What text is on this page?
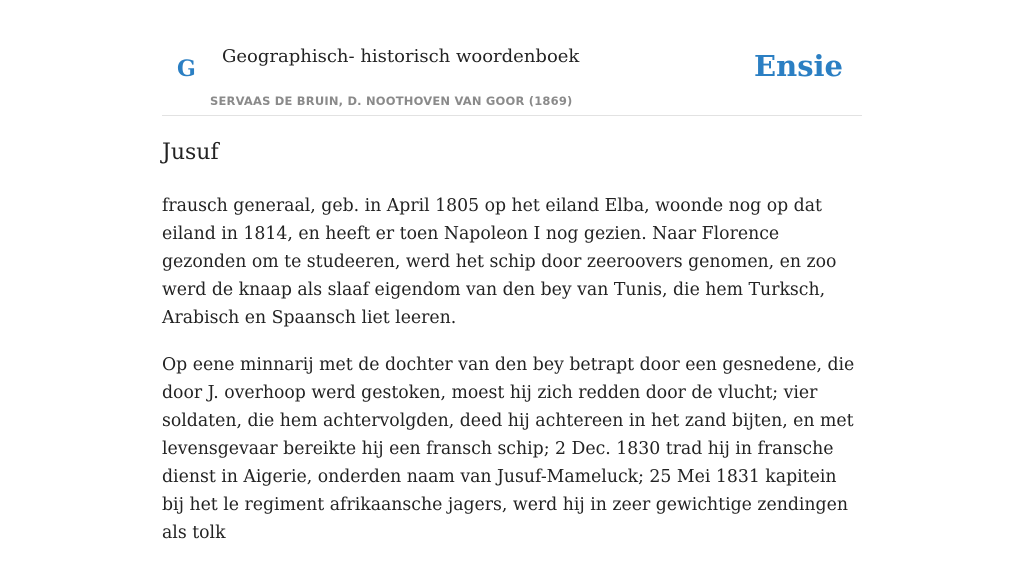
G Geographisch- historisch woordenboek
SERVAAS DE BRUIN, D. NOOTHOVEN VAN GOOR (1869)
Ensie
Jusuf

frausch generaal, geb. in April 1805 op het eiland Elba, woonde nog op dat eiland in 1814, en heeft er toen Napoleon I nog gezien. Naar Florence gezonden om te studeeren, werd het schip door zeeroovers genomen, en zoo werd de knaap als slaaf eigendom van den bey van Tunis, die hem Turksch, Arabisch en Spaansch liet leeren.

Op eene minnarij met de dochter van den bey betrapt door een gesnedene, die door J. overhoop werd gestoken, moest hij zich redden door de vlucht; vier soldaten, die hem achtervolgden, deed hij achtereen in het zand bijten, en met levensgevaar bereikte hij een fransch schip; 2 Dec. 1830 trad hij in fransche dienst in Aigerie, onderden naam van Jusuf-Mameluck; 25 Mei 1831 kapitein bij het le regiment afrikaansche jagers, werd hij in zeer gewichtige zendingen als tolk
